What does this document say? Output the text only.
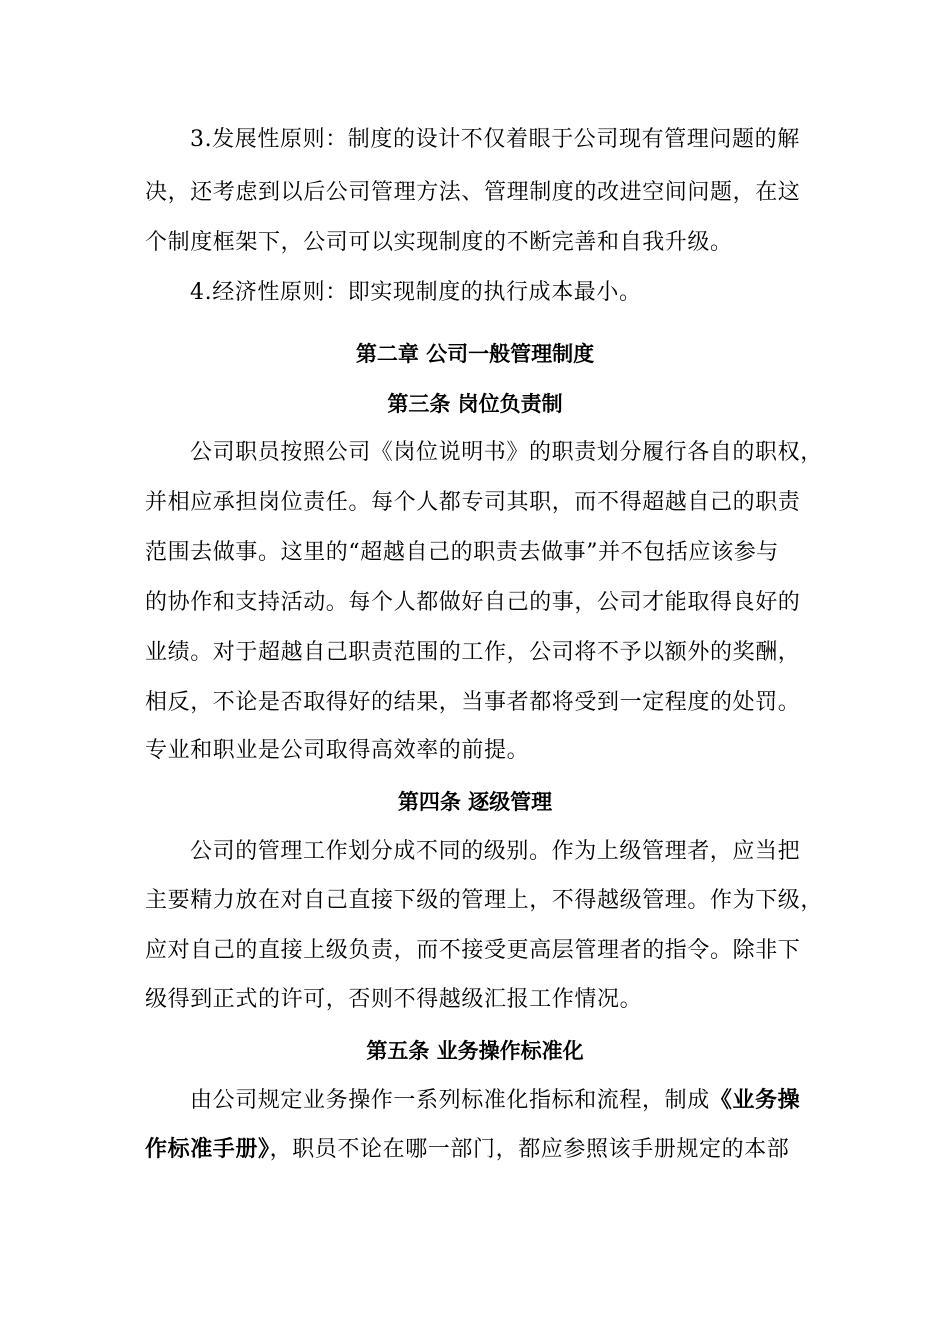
3.发展性原则：制度的设计不仅着眼于公司现有管理问题的解
决，还考虑到以后公司管理方法、管理制度的改进空间问题，在这
个制度框架下，公司可以实现制度的不断完善和自我升级。
4.经济性原则：即实现制度的执行成本最小。
第二章 公司一般管理制度
第三条 岗位负责制
公司职员按照公司《岗位说明书》的职责划分履行各自的职权，
并相应承担岗位责任。每个人都专司其职，而不得超越自己的职责
范围去做事。这里的“超越自己的职责去做事”并不包括应该参与
的协作和支持活动。每个人都做好自己的事，公司才能取得良好的
业绩。对于超越自己职责范围的工作，公司将不予以额外的奖酬，
相反，不论是否取得好的结果，当事者都将受到一定程度的处罚。
专业和职业是公司取得高效率的前提。
第四条 逐级管理
公司的管理工作划分成不同的级别。作为上级管理者，应当把
主要精力放在对自己直接下级的管理上，不得越级管理。作为下级，
应对自己的直接上级负责，而不接受更高层管理者的指令。除非下
级得到正式的许可，否则不得越级汇报工作情况。
第五条 业务操作标准化
由公司规定业务操作一系列标准化指标和流程，制成《业务操
作标准手册》，职员不论在哪一部门，都应参照该手册规定的本部
